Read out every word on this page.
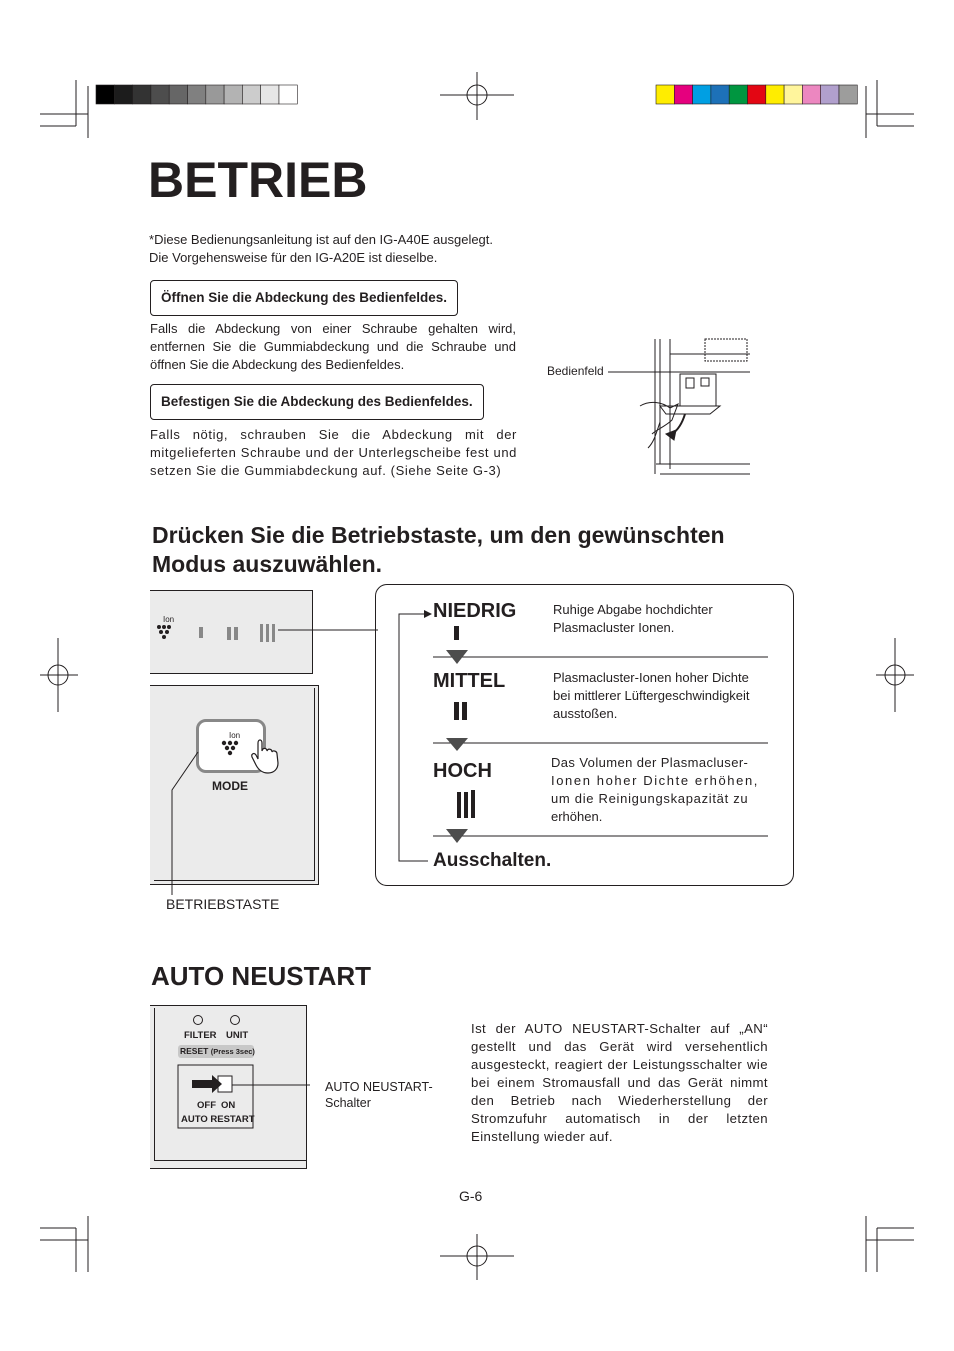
BETRIEB
*Diese Bedienungsanleitung ist auf den IG-A40E ausgelegt.
Die Vorgehensweise für den IG-A20E ist dieselbe.
Öffnen Sie die Abdeckung des Bedienfeldes.
Falls die Abdeckung von einer Schraube gehalten wird, entfernen Sie die Gummiabdeckung und die Schraube und öffnen Sie die Abdeckung des Bedienfeldes.
Befestigen Sie die Abdeckung des Bedienfeldes.
Falls nötig, schrauben Sie die Abdeckung mit der mitgelieferten Schraube und der Unterlegscheibe fest und setzen Sie die Gummiabdeckung auf. (Siehe Seite G-3)
Bedienfeld
Drücken Sie die Betriebstaste, um den gewünschten
Modus auszuwählen.
Ion
Ion
MODE
BETRIEBSTASTE
NIEDRIG	Ruhige Abgabe hochdichter
Plasmacluster Ionen.
MITTEL	Plasmacluster-Ionen hoher Dichte
bei mittlerer Lüftergeschwindigkeit
ausstoßen.
HOCH	Das Volumen der Plasmacluser-
Ionen hoher Dichte erhöhen,
um die Reinigungskapazität zu
erhöhen.
Ausschalten.
AUTO NEUSTART
FILTER UNIT
RESET (Press 3sec)
OFF ON
AUTO RESTART
AUTO NEUSTART-
Schalter
Ist der AUTO NEUSTART-Schalter auf „AN“ gestellt und das Gerät wird versehentlich ausgesteckt, reagiert der Leistungsschalter wie bei einem Stromausfall und das Gerät nimmt den Betrieb nach Wiederherstellung der Stromzufuhr automatisch in der letzten Einstellung wieder auf.
G-6
